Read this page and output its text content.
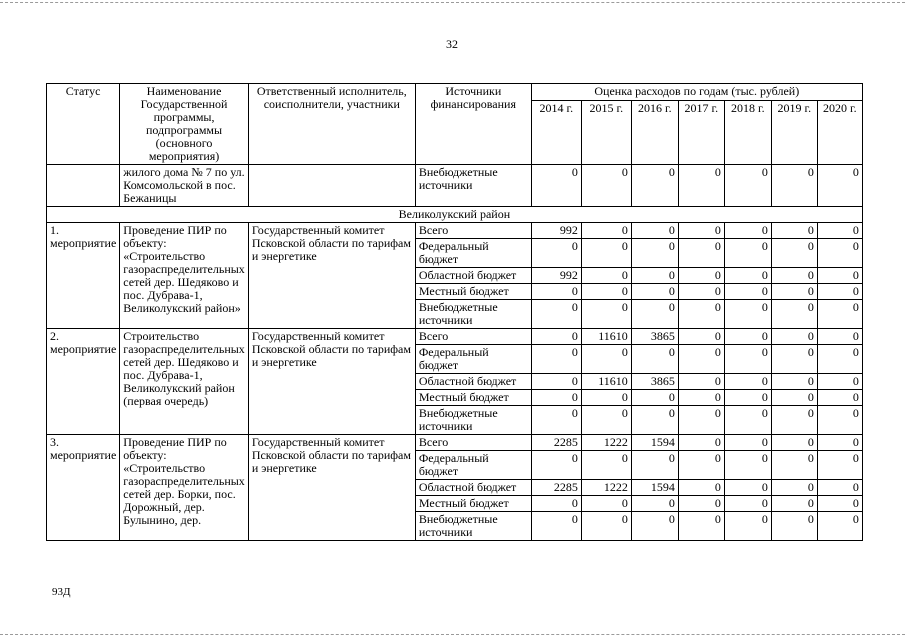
32
Статус	Наименование Государственной программы, подпрограммы (основного мероприятия)	Ответственный исполнитель, соисполнители, участники	Источники финансирования	Оценка расходов по годам (тыс. рублей)						
				2014 г.	2015 г.	2016 г.	2017 г.	2018 г.	2019 г.	2020 г.
	жилого дома № 7 по ул. Комсомольской в пос. Бежаницы		Внебюджетные источники	0	0	0	0	0	0	0
Великолукский район										
1. мероприятие	Проведение ПИР по объекту: «Строительство газораспределительных сетей дер. Шедяково и пос. Дубрава-1, Великолукский район»	Государственный комитет Псковской области по тарифам и энергетике	Всего	992	0	0	0	0	0	0
			Федеральный бюджет	0	0	0	0	0	0	0
			Областной бюджет	992	0	0	0	0	0	0
			Местный бюджет	0	0	0	0	0	0	0
			Внебюджетные источники	0	0	0	0	0	0	0
2. мероприятие	Строительство газораспределительных сетей дер. Шедяково и пос. Дубрава-1, Великолукский район (первая очередь)	Государственный комитет Псковской области по тарифам и энергетике	Всего	0	11610	3865	0	0	0	0
			Федеральный бюджет	0	0	0	0	0	0	0
			Областной бюджет	0	11610	3865	0	0	0	0
			Местный бюджет	0	0	0	0	0	0	0
			Внебюджетные источники	0	0	0	0	0	0	0
3. мероприятие	Проведение ПИР по объекту: «Строительство газораспределительных сетей дер. Борки, пос. Дорожный, дер. Булынино, дер.	Государственный комитет Псковской области по тарифам и энергетике	Всего	2285	1222	1594	0	0	0	0
			Федеральный бюджет	0	0	0	0	0	0	0
			Областной бюджет	2285	1222	1594	0	0	0	0
			Местный бюджет	0	0	0	0	0	0	0
			Внебюджетные источники	0	0	0	0	0	0	0
93Д
